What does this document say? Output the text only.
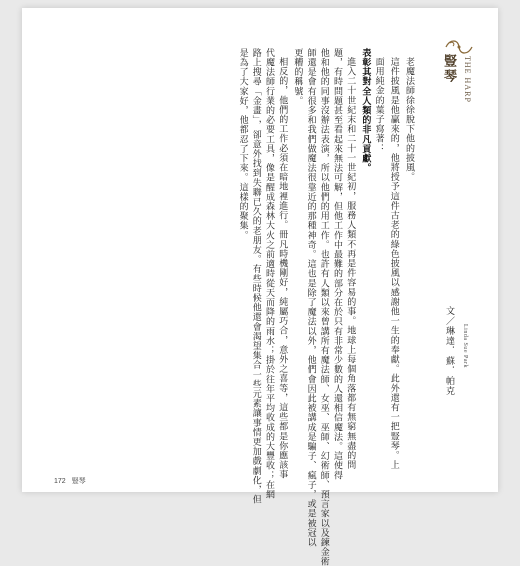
豎琴 THE HARP
文／琳達．蘇．帕克	Linda Sue Park
172 豎琴
老魔法師徐徐脫下他的披風。
這件披風是他贏來的，他將授予這件古老的綠色披風以感謝他一生的奉獻。此外還有一把豎琴。上
面用純金的葉子寫著：
表彰其對全人類的非凡貢獻。
進入二十世紀末和二十一世紀初，服務人類不再是件容易的事。地球上每個角落都有無窮無盡的問
題，有時問題甚至看起來無法可解，但他工作中最難的部分在於只有非常少數的人還相信魔法。這使得
他和他的同事沒辦法表演，所以他們的用工作。也許有人類以來曾講所有魔法師、女巫、巫師、幻術師、預言家以及鍊金術
師還是會有很多和我們做魔法很靠近的那種神奇。這也是除了魔法以外，他們會因此被講成是騙子、瘋子，或是被冠以
更糟的稱號。
相反的，他們的工作必須在暗地裡進行。冊凡時機剛好，純屬巧合，意外之喜等，這些都是你應該事
代魔法師行業的必要工具，像是醒成森林大火之前適時從天而降的雨水；掛於往年平均收成的大豐收；在網
路上搜尋「金畫」，卻意外找到失聯已久的老朋友。有些時候他還會渴望集合一些元素讓事情更加戲劇化，但
是為了大家好，他都忍了下來。這樣的聚集。
